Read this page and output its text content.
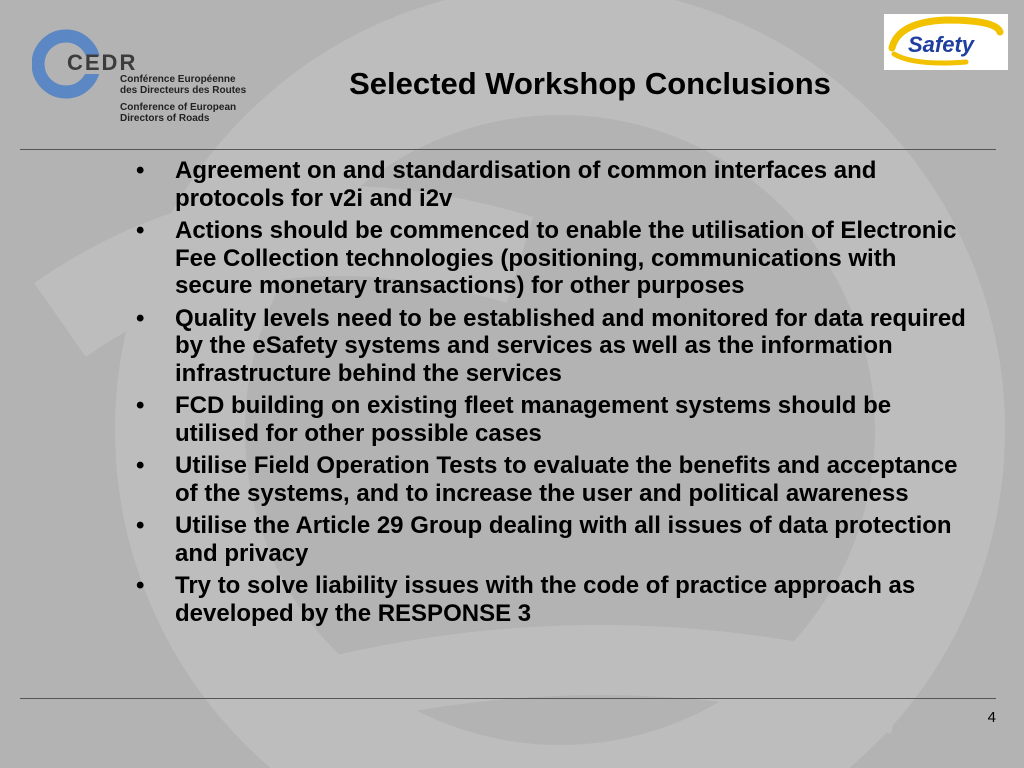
CEDR
Conférence Européenne
des Directeurs des Routes
Conference of European
Directors of Roads
Safety
Selected Workshop Conclusions
• Agreement on and standardisation of common interfaces and protocols for v2i and i2v
• Actions should be commenced to enable the utilisation of Electronic Fee Collection technologies (positioning, communications with secure monetary transactions) for other purposes
• Quality levels need to be established and monitored for data required by the eSafety systems and services as well as the information infrastructure behind the services
• FCD building on existing fleet management systems should be utilised for other possible cases
• Utilise Field Operation Tests to evaluate the benefits and acceptance of the systems, and to increase the user and political awareness
• Utilise the Article 29 Group dealing with all issues of data protection and privacy
• Try to solve liability issues with the code of practice approach as developed by the RESPONSE 3
4
